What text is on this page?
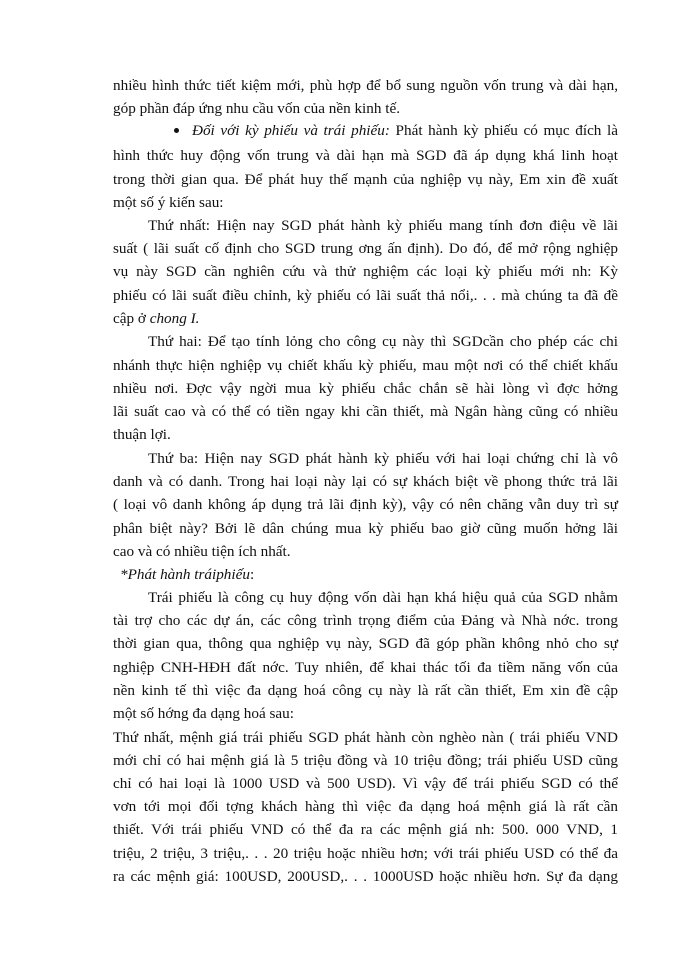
nhiều hình thức tiết kiệm mới, phù hợp để bổ sung nguồn vốn trung và dài hạn,
góp phần đáp ứng nhu cầu vốn của nền kinh tế.
Đối với kỳ phiếu và trái phiếu: Phát hành kỳ phiếu có mục đích là
hình thức huy động vốn trung và dài hạn mà SGD đã áp dụng khá linh hoạt
trong thời gian qua. Để phát huy thế mạnh của nghiệp vụ này, Em xin đề xuất
một số ý kiến sau:
Thứ nhất: Hiện nay SGD phát hành kỳ phiếu mang tính đơn điệu về lãi
suất ( lãi suất cố định cho SGD trung ơng ấn định). Do đó, để mở rộng nghiệp
vụ này SGD cần nghiên cứu và thử nghiệm các loại kỳ phiếu mới nh: Kỳ
phiếu có lãi suất điều chỉnh, kỳ phiếu có lãi suất thả nổi,. . . mà chúng ta đã đề
cập ở chong I.
Thứ hai: Để tạo tính lỏng cho công cụ này thì SGDcần cho phép các chi
nhánh thực hiện nghiệp vụ chiết khấu kỳ phiếu, mau một nơi có thể chiết khấu
nhiều nơi. Đợc vậy ngời mua kỳ phiếu chắc chắn sẽ hài lòng vì đợc hởng
lãi suất cao và có thể có tiền ngay khi cần thiết, mà Ngân hàng cũng có nhiều
thuận lợi.
Thứ ba: Hiện nay SGD phát hành kỳ phiếu với hai loại chứng chỉ là vô
danh và có danh. Trong hai loại này lại có sự khách biệt về phong thức trả lãi
( loại vô danh không áp dụng trả lãi định kỳ), vậy có nên chăng vẫn duy trì sự
phân biệt này? Bởi lẽ dân chúng mua kỳ phiếu bao giờ cũng muốn hởng lãi
cao và có nhiều tiện ích nhất.
*Phát hành tráiphiếu:
Trái phiếu là công cụ huy động vốn dài hạn khá hiệu quả của SGD nhằm
tài trợ cho các dự án, các công trình trọng điểm của Đảng và Nhà nớc. trong
thời gian qua, thông qua nghiệp vụ này, SGD đã góp phần không nhỏ cho sự
nghiệp CNH-HĐH đất nớc. Tuy nhiên, để khai thác tối đa tiềm năng vốn của
nền kinh tế thì việc đa dạng hoá công cụ này là rất cần thiết, Em xin đề cập
một số hớng đa dạng hoá sau:
Thứ nhất, mệnh giá trái phiếu SGD phát hành còn nghèo nàn ( trái phiếu VND
mới chỉ có hai mệnh giá là 5 triệu đồng và 10 triệu đồng; trái phiếu USD cũng
chỉ có hai loại là 1000 USD và 500 USD). Vì vậy để trái phiếu SGD có thể
vơn tới mọi đối tợng khách hàng thì việc đa dạng hoá mệnh giá là rất cần
thiết. Với trái phiếu VND có thể đa ra các mệnh giá nh: 500. 000 VND, 1
triệu, 2 triệu, 3 triệu,. . . 20 triệu hoặc nhiều hơn; với trái phiếu USD có thể đa
ra các mệnh giá: 100USD, 200USD,. . . 1000USD hoặc nhiều hơn. Sự đa dạng
